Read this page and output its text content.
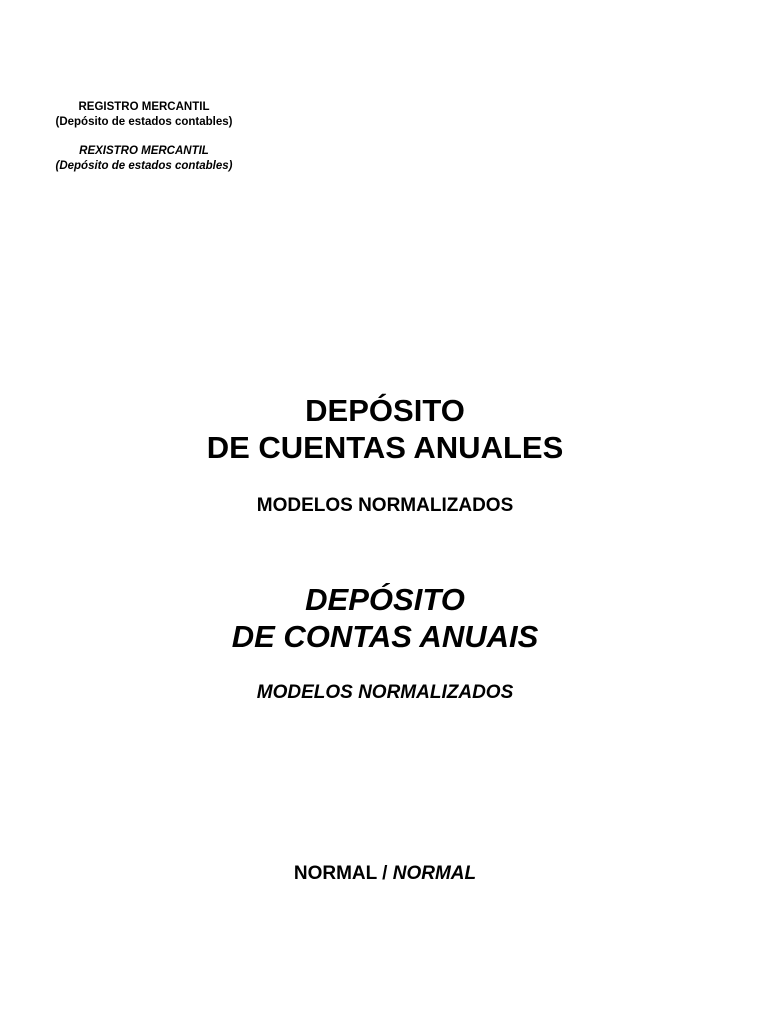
REGISTRO MERCANTIL
(Depósito de estados contables)
REXISTRO MERCANTIL
(Depósito de estados contables)
DEPÓSITO
DE CUENTAS ANUALES
MODELOS NORMALIZADOS
DEPÓSITO
DE CONTAS ANUAIS
MODELOS NORMALIZADOS
NORMAL / NORMAL
